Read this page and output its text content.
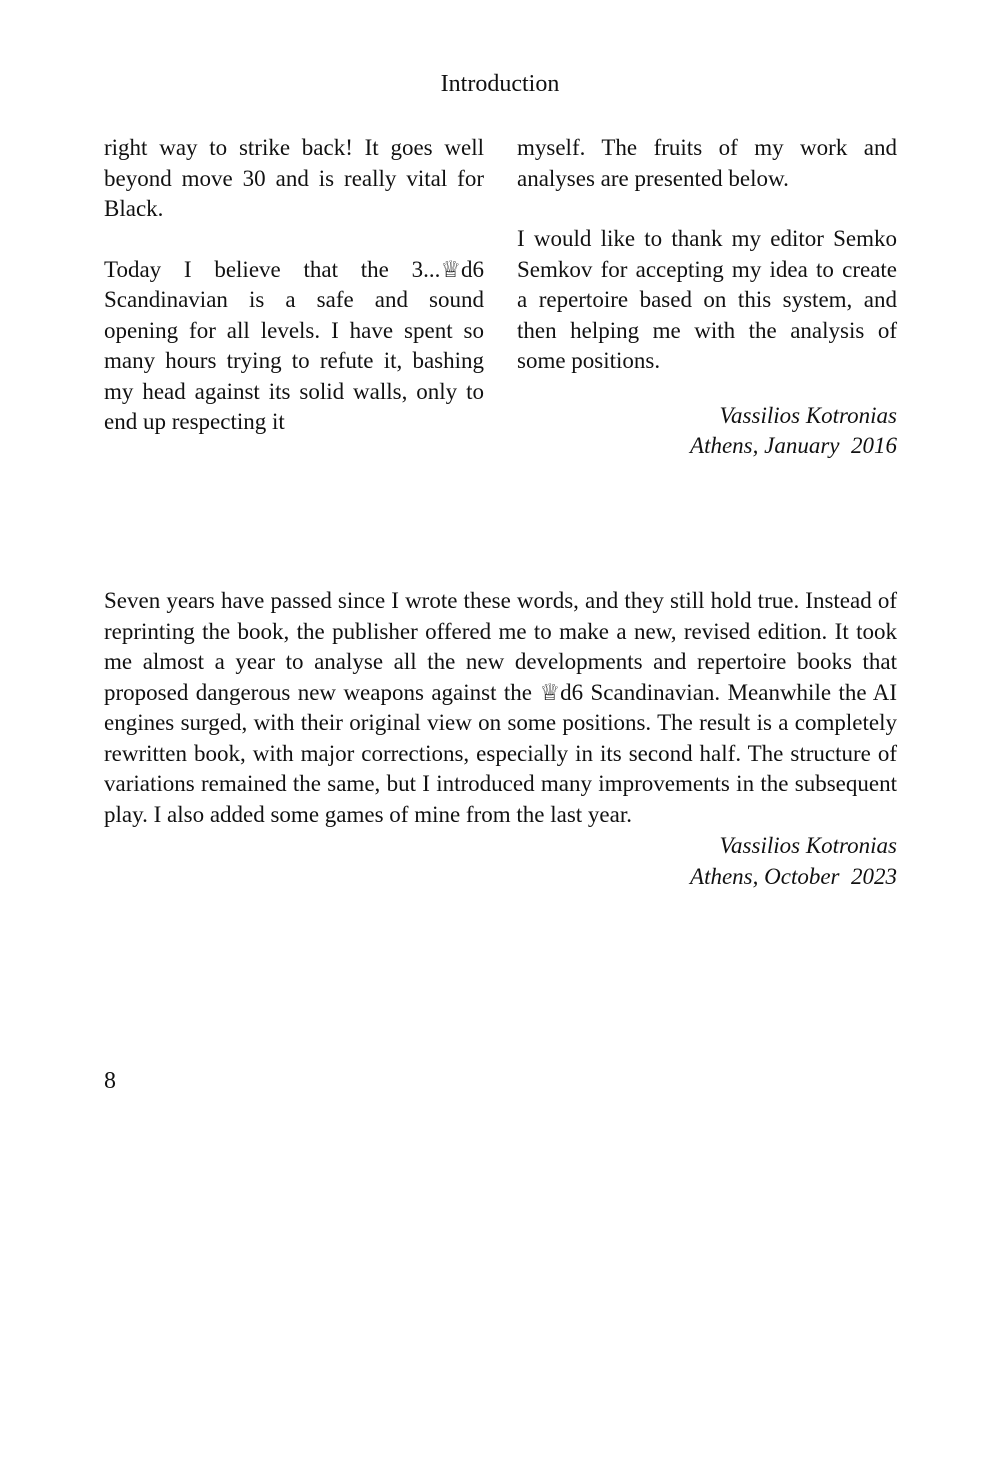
Introduction

right way to strike back! It goes well beyond move 30 and is really vital for Black.

Today I believe that the 3...♕d6 Scandinavian is a safe and sound opening for all levels. I have spent so many hours trying to refute it, bashing my head against its solid walls, only to end up respecting it

myself. The fruits of my work and analyses are presented below.

I would like to thank my editor Semko Semkov for accepting my idea to create a repertoire based on this system, and then helping me with the analysis of some positions.

Vassilios Kotronias
Athens, January  2016

Seven years have passed since I wrote these words, and they still hold true. Instead of reprinting the book, the publisher offered me to make a new, revised edition. It took me almost a year to analyse all the new developments and repertoire books that proposed dangerous new weapons against the ♕d6 Scandinavian. Meanwhile the AI engines surged, with their original view on some positions. The result is a completely rewritten book, with major corrections, especially in its second half. The structure of variations remained the same, but I introduced many improvements in the subsequent play. I also added some games of mine from the last year.

Vassilios Kotronias
Athens, October  2023
8
